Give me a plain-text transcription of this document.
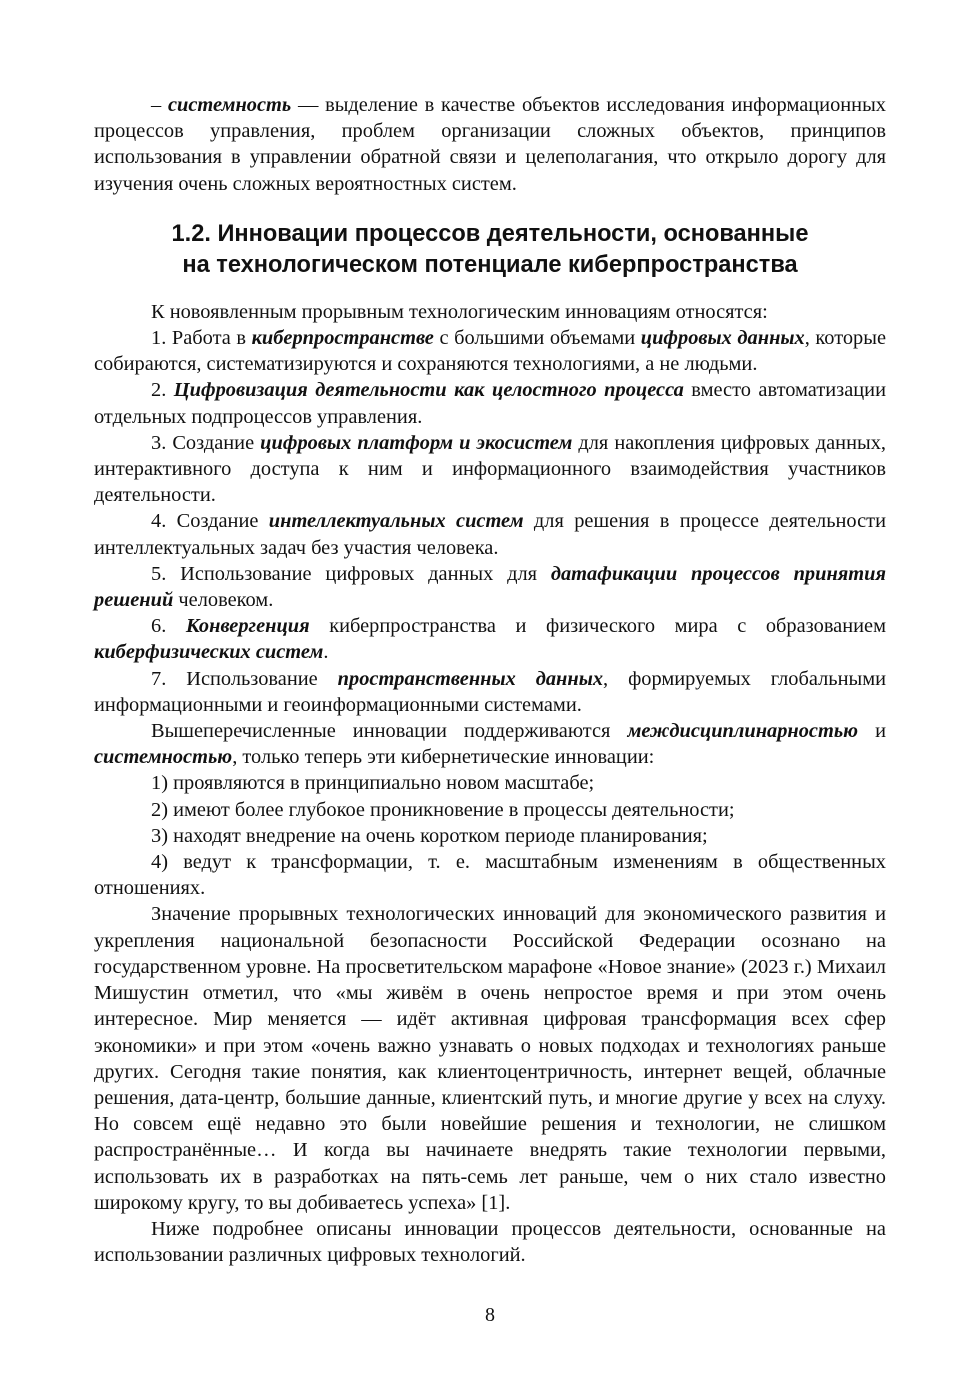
– системность — выделение в качестве объектов исследования информационных процессов управления, проблем организации сложных объектов, принципов использования в управлении обратной связи и целеполагания, что открыло дорогу для изучения очень сложных вероятностных систем.

1.2. Инновации процессов деятельности, основанные
на технологическом потенциале киберпространства

К новоявленным прорывным технологическим инновациям относятся:

1. Работа в киберпространстве с большими объемами цифровых данных, которые собираются, систематизируются и сохраняются технологиями, а не людьми.

2. Цифровизация деятельности как целостного процесса вместо автоматизации отдельных подпроцессов управления.

3. Создание цифровых платформ и экосистем для накопления цифровых данных, интерактивного доступа к ним и информационного взаимодействия участников деятельности.

4. Создание интеллектуальных систем для решения в процессе деятельности интеллектуальных задач без участия человека.

5. Использование цифровых данных для датафикации процессов принятия решений человеком.

6. Конвергенция киберпространства и физического мира с образованием киберфизических систем.

7. Использование пространственных данных, формируемых глобальными информационными и геоинформационными системами.

Вышеперечисленные инновации поддерживаются междисциплинарностью и системностью, только теперь эти кибернетические инновации:

1) проявляются в принципиально новом масштабе;

2) имеют более глубокое проникновение в процессы деятельности;

3) находят внедрение на очень коротком периоде планирования;

4) ведут к трансформации, т. е. масштабным изменениям в общественных отношениях.

Значение прорывных технологических инноваций для экономического развития и укрепления национальной безопасности Российской Федерации осознано на государственном уровне. На просветительском марафоне «Новое знание» (2023 г.) Михаил Мишустин отметил, что «мы живём в очень непростое время и при этом очень интересное. Мир меняется — идёт активная цифровая трансформация всех сфер экономики» и при этом «очень важно узнавать о новых подходах и технологиях раньше других. Сегодня такие понятия, как клиентоцентричность, интернет вещей, облачные решения, дата-центр, большие данные, клиентский путь, и многие другие у всех на слуху. Но совсем ещё недавно это были новейшие решения и технологии, не слишком распространённые… И когда вы начинаете внедрять такие технологии первыми, использовать их в разработках на пять-семь лет раньше, чем о них стало известно широкому кругу, то вы добиваетесь успеха» [1].

Ниже подробнее описаны инновации процессов деятельности, основанные на использовании различных цифровых технологий.

8
